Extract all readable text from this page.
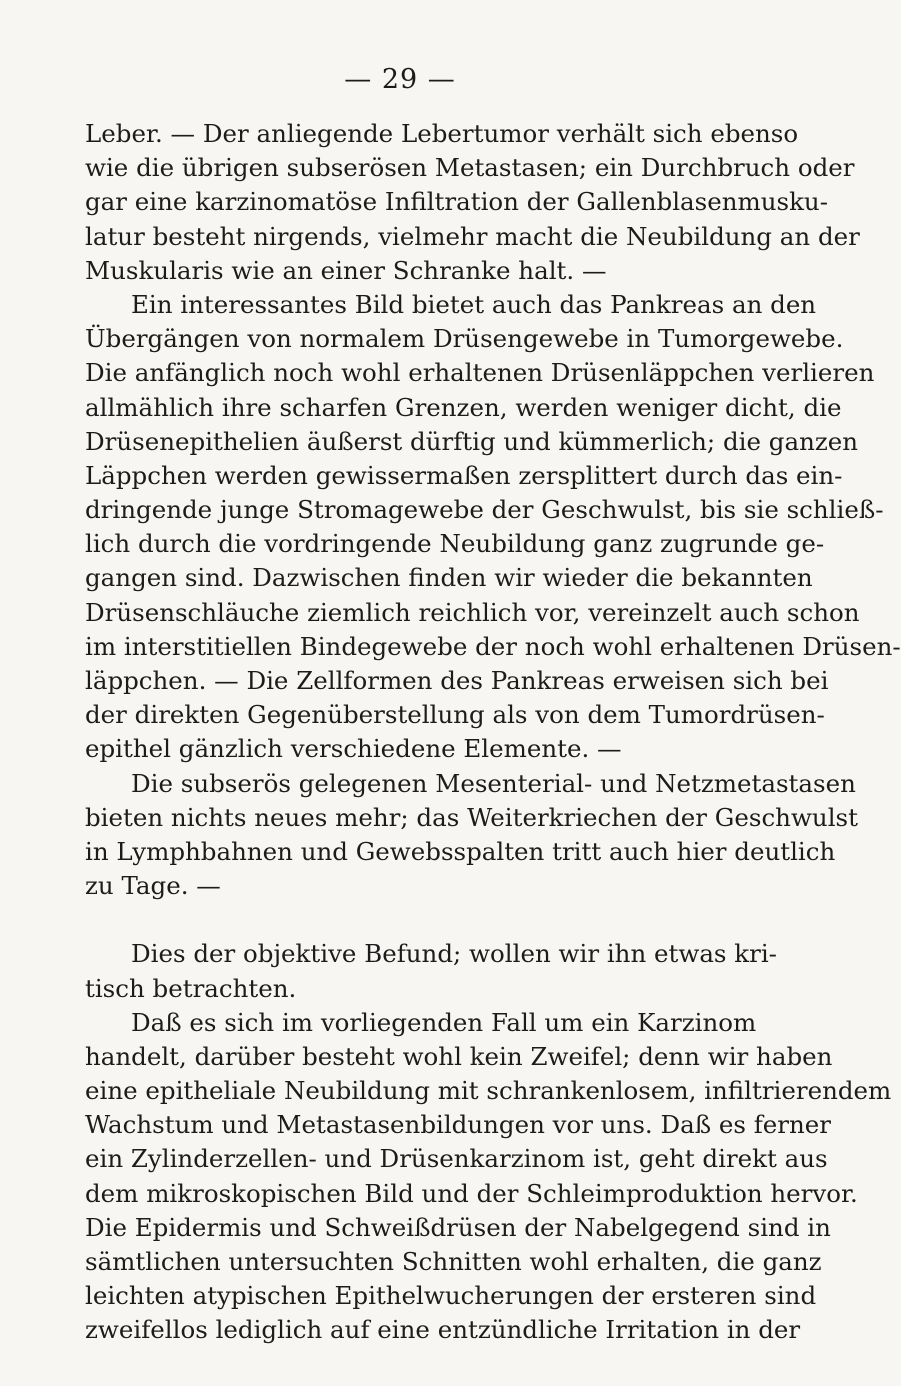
— 29 —
Leber. — Der anliegende Lebertumor verhält sich ebenso
wie die übrigen subserösen Metastasen; ein Durchbruch oder
gar eine karzinomatöse Infiltration der Gallenblasenmusku-
latur besteht nirgends, vielmehr macht die Neubildung an der
Muskularis wie an einer Schranke halt. —
Ein interessantes Bild bietet auch das Pankreas an den
Übergängen von normalem Drüsengewebe in Tumorgewebe.
Die anfänglich noch wohl erhaltenen Drüsenläppchen verlieren
allmählich ihre scharfen Grenzen, werden weniger dicht, die
Drüsenepithelien äußerst dürftig und kümmerlich; die ganzen
Läppchen werden gewissermaßen zersplittert durch das ein-
dringende junge Stromagewebe der Geschwulst, bis sie schließ-
lich durch die vordringende Neubildung ganz zugrunde ge-
gangen sind. Dazwischen finden wir wieder die bekannten
Drüsenschläuche ziemlich reichlich vor, vereinzelt auch schon
im interstitiellen Bindegewebe der noch wohl erhaltenen Drüsen-
läppchen. — Die Zellformen des Pankreas erweisen sich bei
der direkten Gegenüberstellung als von dem Tumordrüsen-
epithel gänzlich verschiedene Elemente. —
Die subserös gelegenen Mesenterial- und Netzmetastasen
bieten nichts neues mehr; das Weiterkriechen der Geschwulst
in Lymphbahnen und Gewebsspalten tritt auch hier deutlich
zu Tage. —
Dies der objektive Befund; wollen wir ihn etwas kri-
tisch betrachten.
Daß es sich im vorliegenden Fall um ein Karzinom
handelt, darüber besteht wohl kein Zweifel; denn wir haben
eine epitheliale Neubildung mit schrankenlosem, infiltrierendem
Wachstum und Metastasenbildungen vor uns. Daß es ferner
ein Zylinderzellen- und Drüsenkarzinom ist, geht direkt aus
dem mikroskopischen Bild und der Schleimproduktion hervor.
Die Epidermis und Schweißdrüsen der Nabelgegend sind in
sämtlichen untersuchten Schnitten wohl erhalten, die ganz
leichten atypischen Epithelwucherungen der ersteren sind
zweifellos lediglich auf eine entzündliche Irritation in der
